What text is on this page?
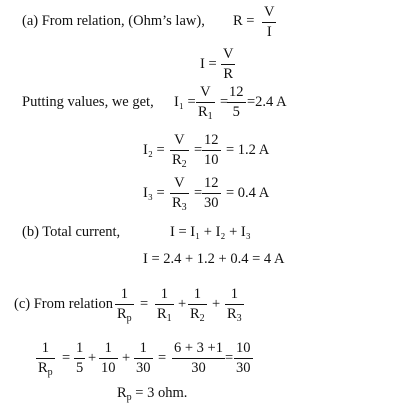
(a) From relation, (Ohm’s law), R =
V
I
I =
V
R
Putting values, we get, I₁ =
V
$R_1$
=
12
5
=2.4 A
I₂ =
V
$R_2$
=
12
10
= 1.2 A
I₃ =
V
$R_3$
=
12
30
= 0.4 A
(b) Total current,	I = I₁ + I₂ + I₃
I = 2.4 + 1.2 + 0.4 = 4 A
(c) From relation
1
$R_p$
=
1
$R_1$
+
1
$R_2$
+
1
$R_3$
1
$R_p$
=
1
5
+
1
10
+
1
30
=
6 + 3 +1
30
=
10
30
$R_p = 3$ ohm.
